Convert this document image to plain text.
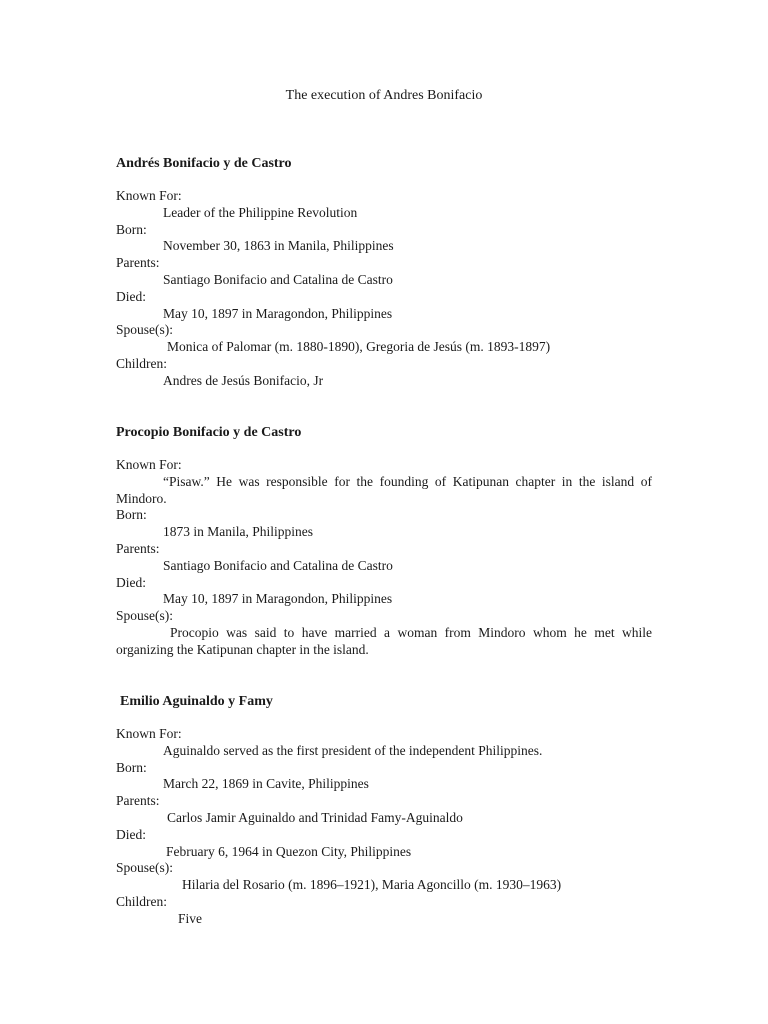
The execution of Andres Bonifacio
Andrés Bonifacio y de Castro
Known For:
Leader of the Philippine Revolution
Born:
November 30, 1863 in Manila, Philippines
Parents:
Santiago Bonifacio and Catalina de Castro
Died:
May 10, 1897 in Maragondon, Philippines
Spouse(s):
Monica of Palomar (m. 1880-1890), Gregoria de Jesús (m. 1893-1897)
Children:
Andres de Jesús Bonifacio, Jr
Procopio Bonifacio y de Castro
Known For:
“Pisaw.” He was responsible for the founding of Katipunan chapter in the island of Mindoro.
Born:
1873 in Manila, Philippines
Parents:
Santiago Bonifacio and Catalina de Castro
Died:
May 10, 1897 in Maragondon, Philippines
Spouse(s):
Procopio was said to have married a woman from Mindoro whom he met while organizing the Katipunan chapter in the island.
Emilio Aguinaldo y Famy
Known For:
Aguinaldo served as the first president of the independent Philippines.
Born:
March 22, 1869 in Cavite, Philippines
Parents:
Carlos Jamir Aguinaldo and Trinidad Famy-Aguinaldo
Died:
February 6, 1964 in Quezon City, Philippines
Spouse(s):
Hilaria del Rosario (m. 1896–1921), Maria Agoncillo (m. 1930–1963)
Children:
Five
